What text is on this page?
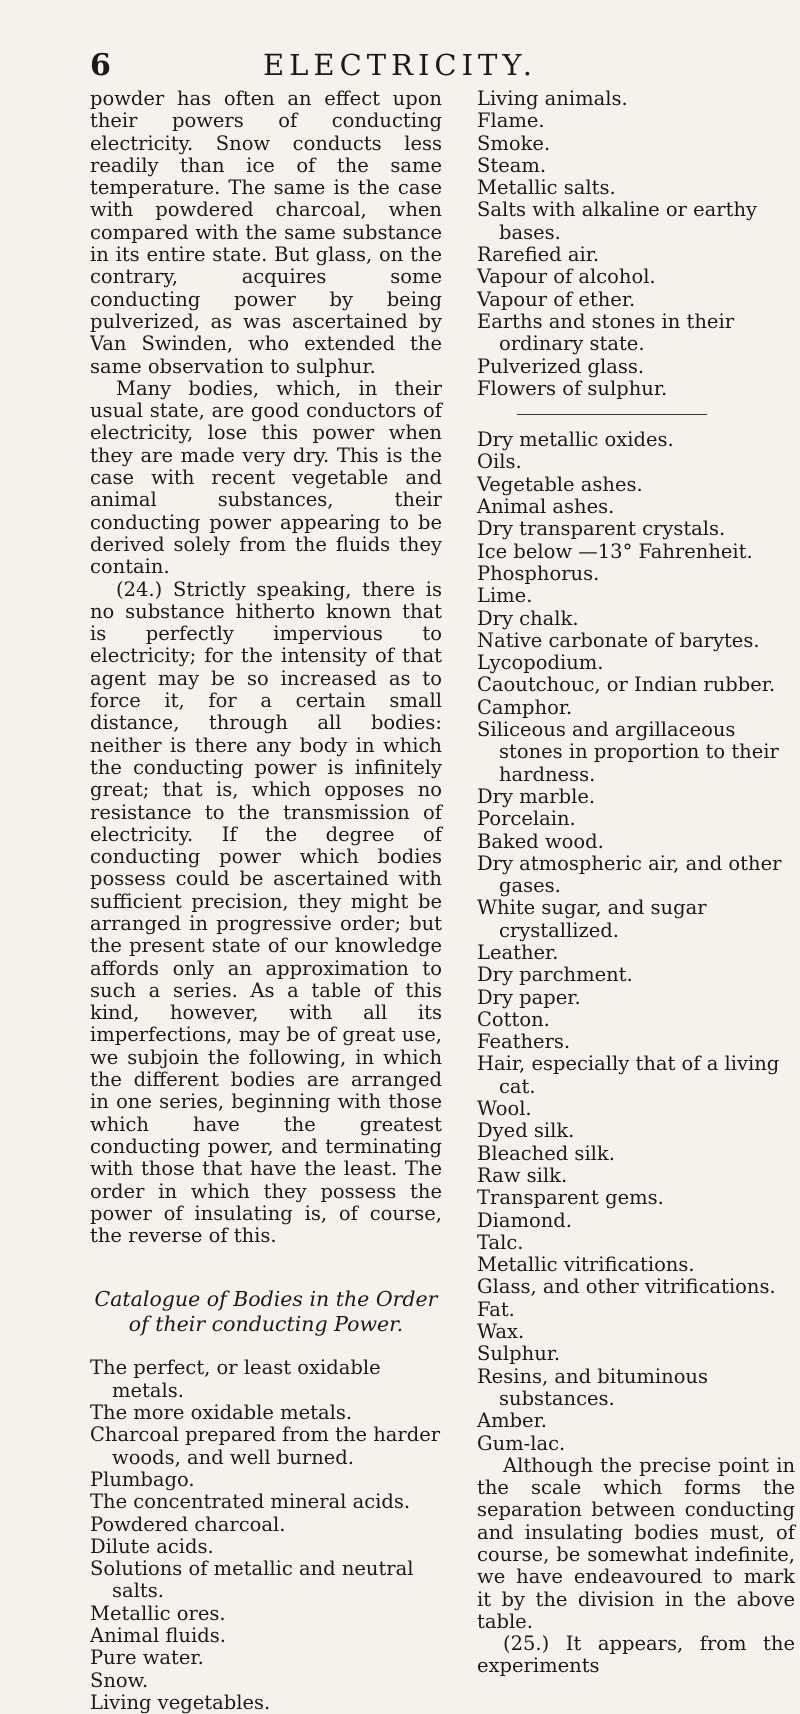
6	ELECTRICITY.

powder has often an effect upon their powers of conducting electricity. Snow conducts less readily than ice of the same temperature. The same is the case with powdered charcoal, when compared with the same substance in its entire state. But glass, on the contrary, acquires some conducting power by being pulverized, as was ascertained by Van Swinden, who extended the same observation to sulphur.

Many bodies, which, in their usual state, are good conductors of electricity, lose this power when they are made very dry. This is the case with recent vegetable and animal substances, their conducting power appearing to be derived solely from the fluids they contain.

(24.) Strictly speaking, there is no substance hitherto known that is perfectly impervious to electricity; for the intensity of that agent may be so increased as to force it, for a certain small distance, through all bodies: neither is there any body in which the conducting power is infinitely great; that is, which opposes no resistance to the transmission of electricity. If the degree of conducting power which bodies possess could be ascertained with sufficient precision, they might be arranged in progressive order; but the present state of our knowledge affords only an approximation to such a series. As a table of this kind, however, with all its imperfections, may be of great use, we subjoin the following, in which the different bodies are arranged in one series, beginning with those which have the greatest conducting power, and terminating with those that have the least. The order in which they possess the power of insulating is, of course, the reverse of this.

Catalogue of Bodies in the Order of their conducting Power.
The perfect, or least oxidable metals.
The more oxidable metals.
Charcoal prepared from the harder woods, and well burned.
Plumbago.
The concentrated mineral acids.
Powdered charcoal.
Dilute acids.
Solutions of metallic and neutral salts.
Metallic ores.
Animal fluids.
Pure water.
Snow.
Living vegetables.
Living animals.
Flame.
Smoke.
Steam.
Metallic salts.
Salts with alkaline or earthy bases.
Rarefied air.
Vapour of alcohol.
Vapour of ether.
Earths and stones in their ordinary state.
Pulverized glass.
Flowers of sulphur.
Dry metallic oxides.
Oils.
Vegetable ashes.
Animal ashes.
Dry transparent crystals.
Ice below —13° Fahrenheit.
Phosphorus.
Lime.
Dry chalk.
Native carbonate of barytes.
Lycopodium.
Caoutchouc, or Indian rubber.
Camphor.
Siliceous and argillaceous stones in proportion to their hardness.
Dry marble.
Porcelain.
Baked wood.
Dry atmospheric air, and other gases.
White sugar, and sugar crystallized.
Leather.
Dry parchment.
Dry paper.
Cotton.
Feathers.
Hair, especially that of a living cat.
Wool.
Dyed silk.
Bleached silk.
Raw silk.
Transparent gems.
Diamond.
Talc.
Metallic vitrifications.
Glass, and other vitrifications.
Fat.
Wax.
Sulphur.
Resins, and bituminous substances.
Amber.
Gum-lac.

Although the precise point in the scale which forms the separation between conducting and insulating bodies must, of course, be somewhat indefinite, we have endeavoured to mark it by the division in the above table.

(25.) It appears, from the experiments
